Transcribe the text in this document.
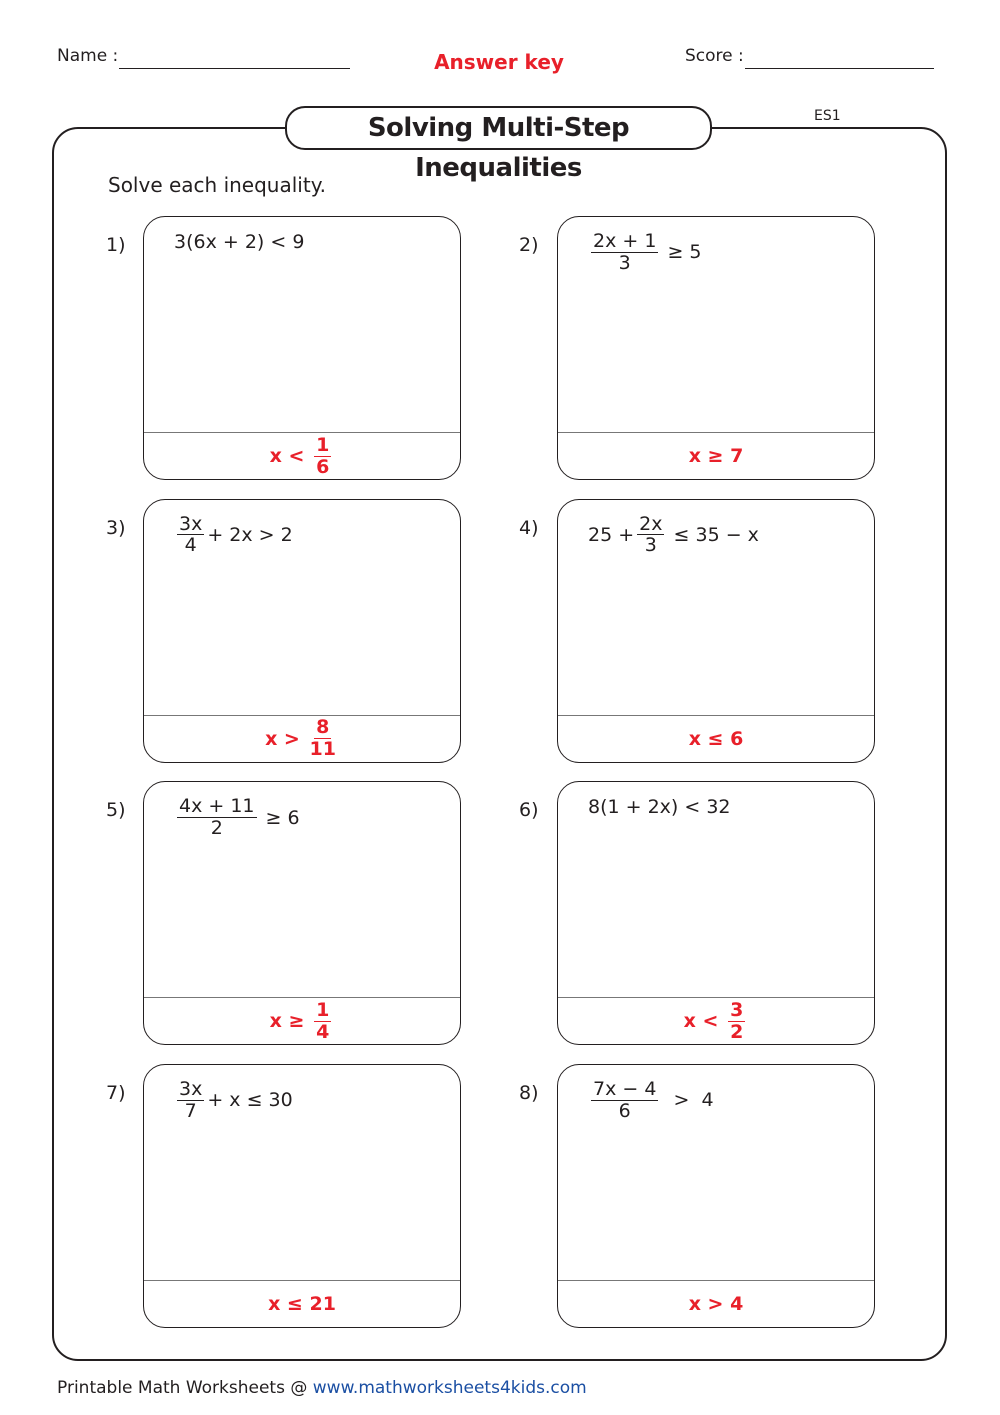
Name :	Answer key	Score :
Solving Multi-Step Inequalities
ES1
Solve each inequality.
1)	3(6x + 2) < 9
$x < \frac{1}{6}$
2)	$\frac{2x + 1}{3} \ge 5$
x ≥ 7
3)	$\frac{3x}{4} + 2x > 2$
$x > \frac{8}{11}$
4)	$25 + \frac{2x}{3} \le 35 - x$
x ≤ 6
5)	$\frac{4x + 11}{2} \ge 6$
$x \ge \frac{1}{4}$
6)	8(1 + 2x) < 32
$x < \frac{3}{2}$
7)	$\frac{3x}{7} + x \le 30$
x ≤ 21
8)	$\frac{7x - 4}{6} > 4$
x > 4
Printable Math Worksheets @ www.mathworksheets4kids.com
